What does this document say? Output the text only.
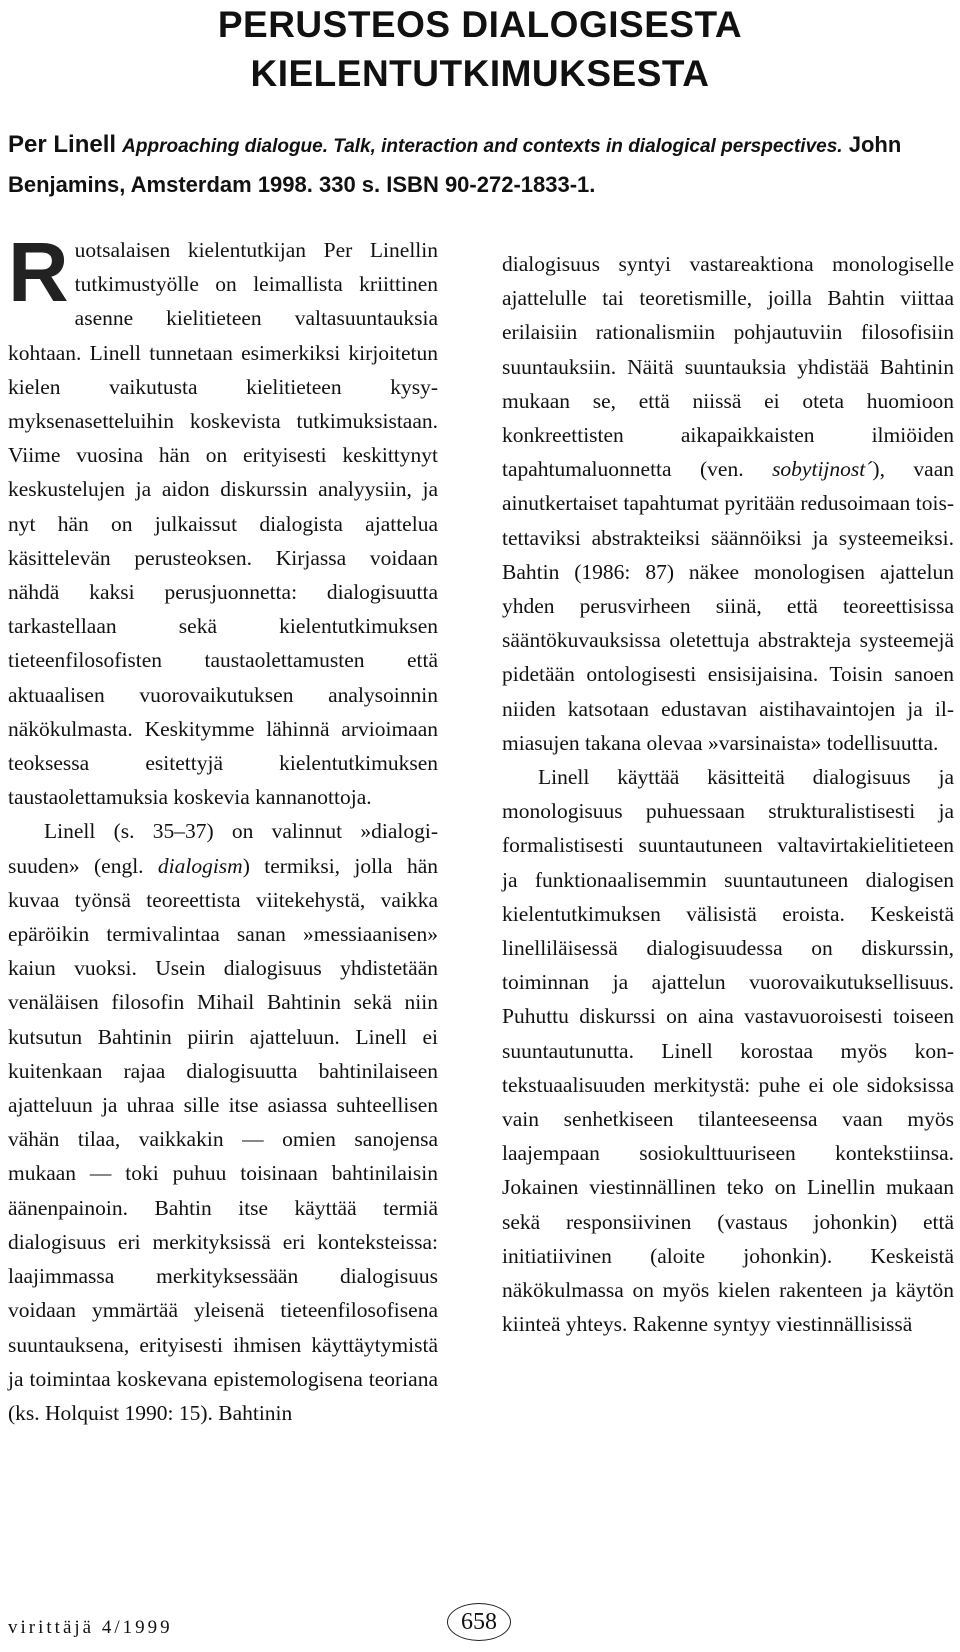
PERUSTEOS DIALOGISESTA
KIELENTUTKIMUKSESTA
Per Linell Approaching dialogue. Talk, interaction and contexts in dialogical perspectives. John Benjamins, Amsterdam 1998. 330 s. ISBN 90-272-1833-1.

Ruotsalaisen kielentutkijan Per Linellin tutkimustyölle on leimallista kriittinen asenne kielitieteen valtasuuntauksia kohtaan. Linell tunnetaan esimerkiksi kirjoitetun kielen vaikutusta kielitieteen kysymyksenasetteluihin koskevista tutkimuksistaan. Viime vuosina hän on erityisesti keskittynyt keskustelujen ja aidon diskurssin analyysiin, ja nyt hän on julkaissut dialogista ajattelua käsittelevän perusteoksen. Kirjassa voidaan nähdä kaksi perusjuonnetta: dialogisuutta tarkastellaan sekä kielentutkimuksen tieteenfilosofisten taustaolettamusten että aktuaalisen vuorovaikutuksen analysoinnin näkökulmasta. Keskitymme lähinnä arvioimaan teoksessa esitettyjä kielentutkimuksen taustaolettamuksia koskevia kannanottoja.

Linell (s. 35–37) on valinnut »dialogisuuden» (engl. dialogism) termiksi, jolla hän kuvaa työnsä teoreettista viitekehystä, vaikka epäröikin termivalintaa sanan »messiaanisen» kaiun vuoksi. Usein dialogisuus yhdistetään venäläisen filosofin Mihail Bahtinin sekä niin kutsutun Bahtinin piirin ajatteluun. Linell ei kuitenkaan rajaa dialogisuutta bahtinilaiseen ajatteluun ja uhraa sille itse asiassa suhteellisen vähän tilaa, vaikkakin — omien sanojensa mukaan — toki puhuu toisinaan bahtinilaisin äänenpainoin. Bahtin itse käyttää termiä dialogisuus eri merkityksissä eri konteksteissa: laajimmassa merkityksessään dialogisuus voidaan ymmärtää yleisenä tieteenfilosofisena suuntauksena, erityisesti ihmisen käyttäytymistä ja toimintaa koskevana epistemologisena teoriana (ks. Holquist 1990: 15). Bahtinin

dialogisuus syntyi vastareaktiona monologiselle ajattelulle tai teoretismille, joilla Bahtin viittaa erilaisiin rationalismiin pohjautuviin filosofisiin suuntauksiin. Näitä suuntauksia yhdistää Bahtinin mukaan se, että niissä ei oteta huomioon konkreettisten aikapaikkaisten ilmiöiden tapahtumaluonnetta (ven. sobytijnost´), vaan ainutkertaiset tapahtumat pyritään redusoimaan toistettaviksi abstrakteiksi säännöiksi ja systeemeiksi. Bahtin (1986: 87) näkee monologisen ajattelun yhden perusvirheen siinä, että teoreettisissa sääntökuvauksissa oletettuja abstrakteja systeemejä pidetään ontologisesti ensisijaisina. Toisin sanoen niiden katsotaan edustavan aistihavaintojen ja ilmiasujen takana olevaa »varsinaista» todellisuutta.

Linell käyttää käsitteitä dialogisuus ja monologisuus puhuessaan strukturalistisesti ja formalistisesti suuntautuneen valtavirtakielitieteen ja funktionaalisemmin suuntautuneen dialogisen kielentutkimuksen välisistä eroista. Keskeistä linelliläisessä dialogisuudessa on diskurssin, toiminnan ja ajattelun vuorovaikutuksellisuus. Puhuttu diskurssi on aina vastavuoroisesti toiseen suuntautunutta. Linell korostaa myös kontekstuaalisuuden merkitystä: puhe ei ole sidoksissa vain senhetkiseen tilanteeseensa vaan myös laajempaan sosiokulttuuriseen kontekstiinsa. Jokainen viestinnällinen teko on Linellin mukaan sekä responsiivinen (vastaus johonkin) että initiatiivinen (aloite johonkin). Keskeistä näkökulmassa on myös kielen rakenteen ja käytön kiinteä yhteys. Rakenne syntyy viestinnällisissä

virittäjä 4/1999	658
